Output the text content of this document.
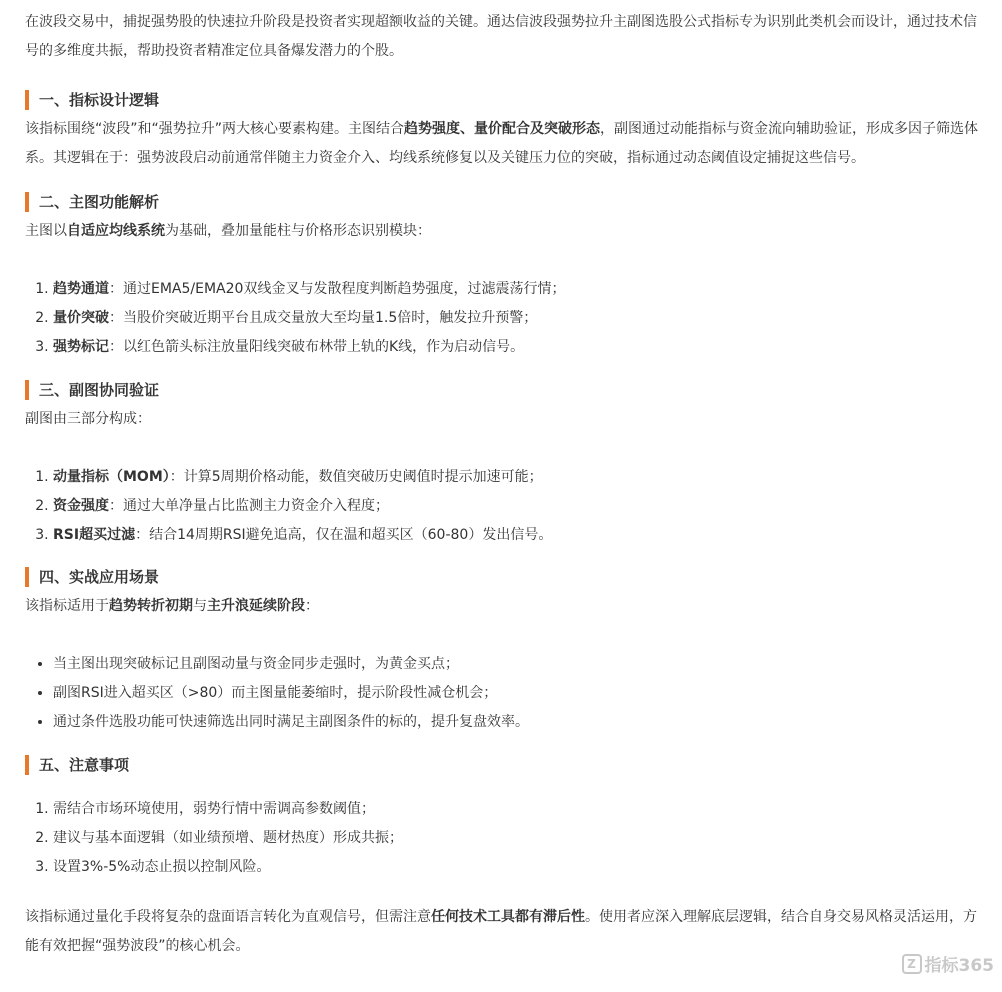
在波段交易中，捕捉强势股的快速拉升阶段是投资者实现超额收益的关键。通达信波段强势拉升主副图选股公式指标专为识别此类机会而设计，通过技术信号的多维度共振，帮助投资者精准定位具备爆发潜力的个股。

一、指标设计逻辑

该指标围绕“波段”和“强势拉升”两大核心要素构建。主图结合趋势强度、量价配合及突破形态，副图通过动能指标与资金流向辅助验证，形成多因子筛选体系。其逻辑在于：强势波段启动前通常伴随主力资金介入、均线系统修复以及关键压力位的突破，指标通过动态阈值设定捕捉这些信号。

二、主图功能解析

主图以自适应均线系统为基础，叠加量能柱与价格形态识别模块：

1. 趋势通道：通过EMA5/EMA20双线金叉与发散程度判断趋势强度，过滤震荡行情；
2. 量价突破：当股价突破近期平台且成交量放大至均量1.5倍时，触发拉升预警；
3. 强势标记：以红色箭头标注放量阳线突破布林带上轨的K线，作为启动信号。
三、副图协同验证

副图由三部分构成：

1. 动量指标（MOM）：计算5周期价格动能，数值突破历史阈值时提示加速可能；
2. 资金强度：通过大单净量占比监测主力资金介入程度；
3. RSI超买过滤：结合14周期RSI避免追高，仅在温和超买区（60-80）发出信号。
四、实战应用场景

该指标适用于趋势转折初期与主升浪延续阶段：

• 当主图出现突破标记且副图动量与资金同步走强时，为黄金买点；
• 副图RSI进入超买区（>80）而主图量能萎缩时，提示阶段性减仓机会；
• 通过条件选股功能可快速筛选出同时满足主副图条件的标的，提升复盘效率。
五、注意事项
1. 需结合市场环境使用，弱势行情中需调高参数阈值；
2. 建议与基本面逻辑（如业绩预增、题材热度）形成共振；
3. 设置3%-5%动态止损以控制风险。

该指标通过量化手段将复杂的盘面语言转化为直观信号，但需注意任何技术工具都有滞后性。使用者应深入理解底层逻辑，结合自身交易风格灵活运用，方能有效把握“强势波段”的核心机会。

Z 指标365
